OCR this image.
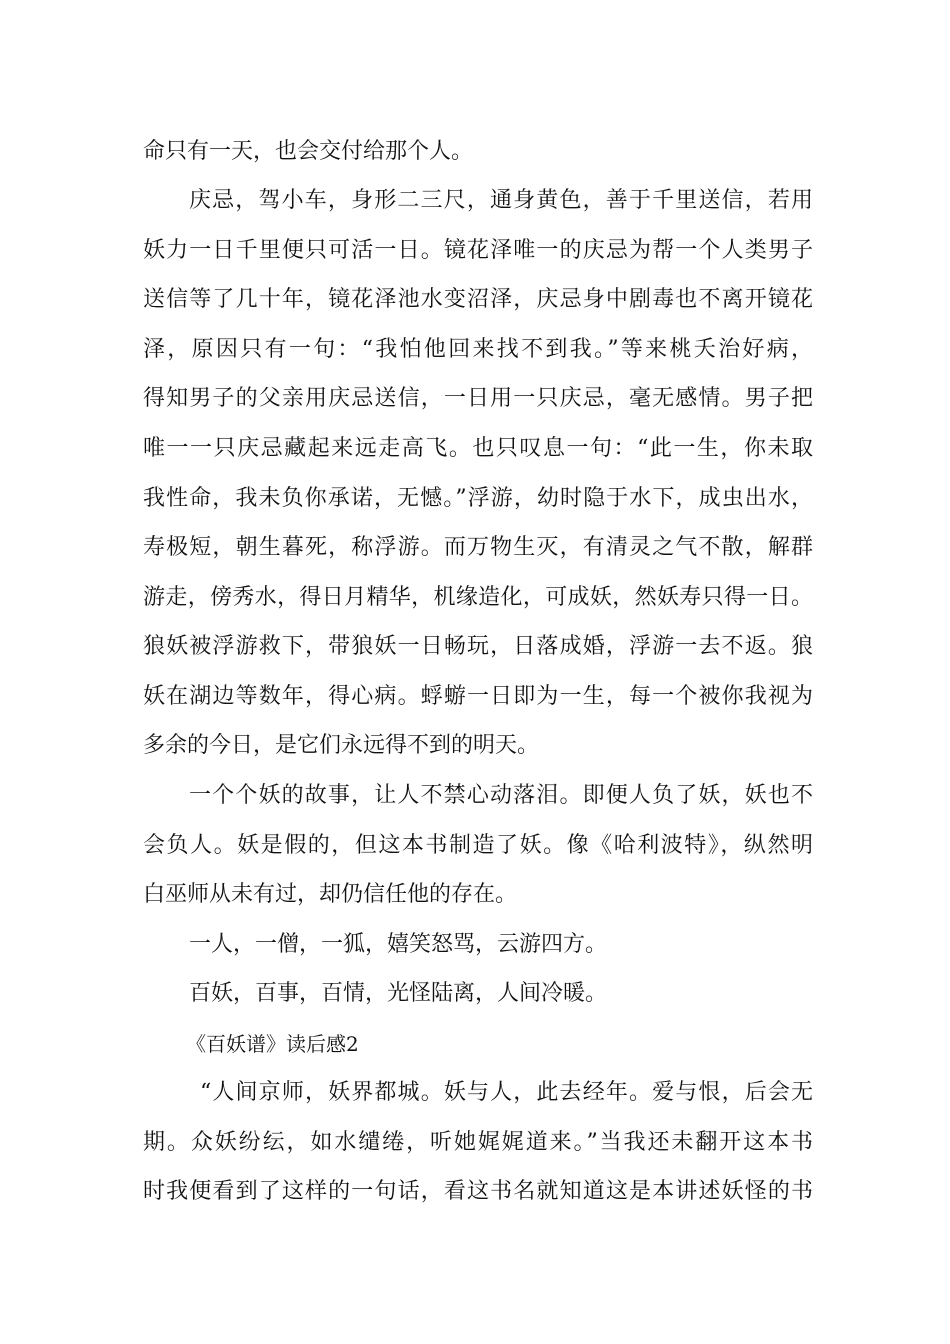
命只有一天，也会交付给那个人。

庆忌，驾小车，身形二三尺，通身黄色，善于千里送信，若用

妖力一日千里便只可活一日。镜花泽唯一的庆忌为帮一个人类男子

送信等了几十年，镜花泽池水变沼泽，庆忌身中剧毒也不离开镜花

泽，原因只有一句：“我怕他回来找不到我。”等来桃夭治好病，

得知男子的父亲用庆忌送信，一日用一只庆忌，毫无感情。男子把

唯一一只庆忌藏起来远走高飞。也只叹息一句：“此一生，你未取

我性命，我未负你承诺，无憾。”浮游，幼时隐于水下，成虫出水，

寿极短，朝生暮死，称浮游。而万物生灭，有清灵之气不散，解群

游走，傍秀水，得日月精华，机缘造化，可成妖，然妖寿只得一日。

狼妖被浮游救下，带狼妖一日畅玩，日落成婚，浮游一去不返。狼

妖在湖边等数年，得心病。蜉蝣一日即为一生，每一个被你我视为

多余的今日，是它们永远得不到的明天。

一个个妖的故事，让人不禁心动落泪。即便人负了妖，妖也不

会负人。妖是假的，但这本书制造了妖。像《哈利波特》，纵然明

白巫师从未有过，却仍信任他的存在。

一人，一僧，一狐，嬉笑怒骂，云游四方。

百妖，百事，百情，光怪陆离，人间冷暖。

《百妖谱》读后感2

“人间京师，妖界都城。妖与人，此去经年。爱与恨，后会无

期。众妖纷纭，如水缱绻，听她娓娓道来。”当我还未翻开这本书

时我便看到了这样的一句话，看这书名就知道这是本讲述妖怪的书
